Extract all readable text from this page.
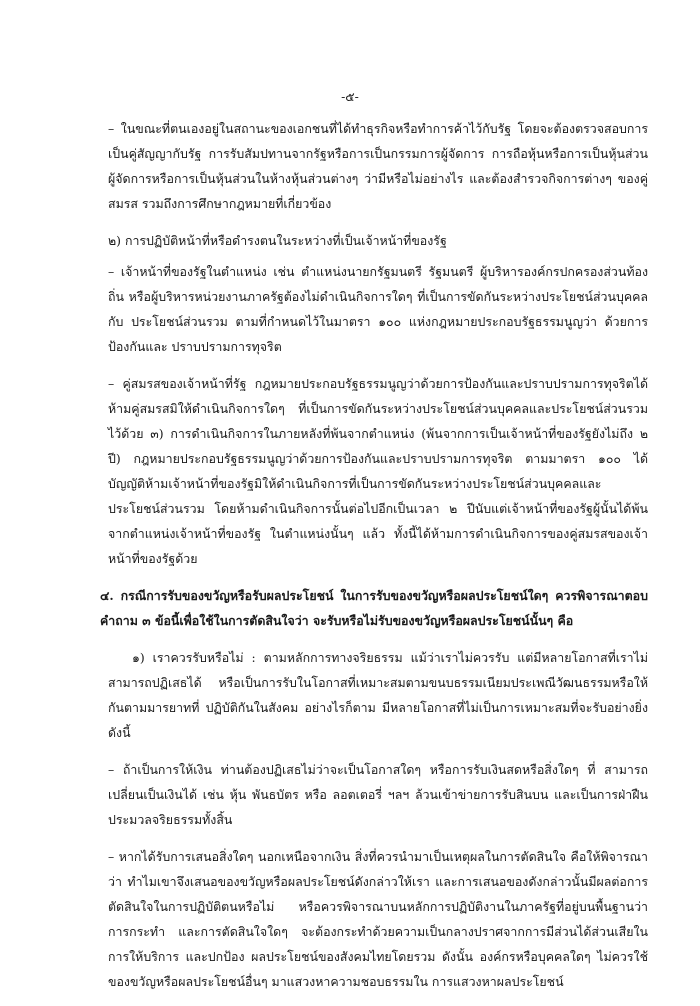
-๕-

– ในขณะที่ตนเองอยู่ในสถานะของเอกชนที่ได้ทำธุรกิจหรือทำการค้าไว้กับรัฐ โดยจะต้องตรวจสอบการเป็นคู่สัญญากับรัฐ การรับสัมปทานจากรัฐหรือการเป็นกรรมการผู้จัดการ การถือหุ้นหรือการเป็นหุ้นส่วน ผู้จัดการหรือการเป็นหุ้นส่วนในห้างหุ้นส่วนต่างๆ ว่ามีหรือไม่อย่างไร และต้องสำรวจกิจการต่างๆ ของคู่สมรส รวมถึงการศึกษากฎหมายที่เกี่ยวข้อง

๒) การปฏิบัติหน้าที่หรือดำรงตนในระหว่างที่เป็นเจ้าหน้าที่ของรัฐ

– เจ้าหน้าที่ของรัฐในตำแหน่ง เช่น ตำแหน่งนายกรัฐมนตรี รัฐมนตรี ผู้บริหารองค์กรปกครองส่วนท้องถิ่น หรือผู้บริหารหน่วยงานภาครัฐต้องไม่ดำเนินกิจการใดๆ ที่เป็นการขัดกันระหว่างประโยชน์ส่วนบุคคลกับ ประโยชน์ส่วนรวม ตามที่กำหนดไว้ในมาตรา ๑๐๐ แห่งกฎหมายประกอบรัฐธรรมนูญว่า ด้วยการป้องกันและ ปราบปรามการทุจริต

– คู่สมรสของเจ้าหน้าที่รัฐ กฎหมายประกอบรัฐธรรมนูญว่าด้วยการป้องกันและปราบปรามการทุจริตได้ห้ามคู่สมรสมิให้ดำเนินกิจการใดๆ ที่เป็นการขัดกันระหว่างประโยชน์ส่วนบุคคลและประโยชน์ส่วนรวมไว้ด้วย ๓) การดำเนินกิจการในภายหลังที่พ้นจากตำแหน่ง (พ้นจากการเป็นเจ้าหน้าที่ของรัฐยังไม่ถึง ๒ ปี) กฎหมายประกอบรัฐธรรมนูญว่าด้วยการป้องกันและปราบปรามการทุจริต ตามมาตรา ๑๐๐ ได้บัญญัติห้ามเจ้าหน้าที่ของรัฐมิให้ดำเนินกิจการที่เป็นการขัดกันระหว่างประโยชน์ส่วนบุคคลและประโยชน์ส่วนรวม โดยห้ามดำเนินกิจการนั้นต่อไปอีกเป็นเวลา ๒ ปีนับแต่เจ้าหน้าที่ของรัฐผู้นั้นได้พ้นจากตำแหน่งเจ้าหน้าที่ของรัฐ ในตำแหน่งนั้นๆ แล้ว ทั้งนี้ได้ห้ามการดำเนินกิจการของคู่สมรสของเจ้าหน้าที่ของรัฐด้วย

๔. กรณีการรับของขวัญหรือรับผลประโยชน์ ในการรับของขวัญหรือผลประโยชน์ใดๆ ควรพิจารณาตอบคำถาม ๓ ข้อนี้เพื่อใช้ในการตัดสินใจว่า จะรับหรือไม่รับของขวัญหรือผลประโยชน์นั้นๆ คือ

๑) เราควรรับหรือไม่ : ตามหลักการทางจริยธรรม แม้ว่าเราไม่ควรรับ แต่มีหลายโอกาสที่เราไม่สามารถปฏิเสธได้ หรือเป็นการรับในโอกาสที่เหมาะสมตามขนบธรรมเนียมประเพณีวัฒนธรรมหรือให้กันตามมารยาทที่ ปฏิบัติกันในสังคม อย่างไรก็ตาม มีหลายโอกาสที่ไม่เป็นการเหมาะสมที่จะรับอย่างยิ่ง ดังนี้

– ถ้าเป็นการให้เงิน ท่านต้องปฏิเสธไม่ว่าจะเป็นโอกาสใดๆ หรือการรับเงินสดหรือสิ่งใดๆ ที่ สามารถเปลี่ยนเป็นเงินได้ เช่น หุ้น พันธบัตร หรือ ลอตเตอรี่ ฯลฯ ล้วนเข้าข่ายการรับสินบน และเป็นการฝ่าฝืน ประมวลจริยธรรมทั้งสิ้น

– หากได้รับการเสนอสิ่งใดๆ นอกเหนือจากเงิน สิ่งที่ควรนำมาเป็นเหตุผลในการตัดสินใจ คือให้พิจารณาว่า ทำไมเขาจึงเสนอของขวัญหรือผลประโยชน์ดังกล่าวให้เรา และการเสนอของดังกล่าวนั้นมีผลต่อการ ตัดสินใจในการปฏิบัติตนหรือไม่ หรือควรพิจารณาบนหลักการปฏิบัติงานในภาครัฐที่อยู่บนพื้นฐานว่า การกระทำ และการตัดสินใจใดๆ จะต้องกระทำด้วยความเป็นกลางปราศจากการมีส่วนได้ส่วนเสียในการให้บริการ และปกป้อง ผลประโยชน์ของสังคมไทยโดยรวม ดังนั้น องค์กรหรือบุคคลใดๆ ไม่ควรใช้ของขวัญหรือผลประโยชน์อื่นๆ มาแสวงหาความชอบธรรมใน การแสวงหาผลประโยชน์
